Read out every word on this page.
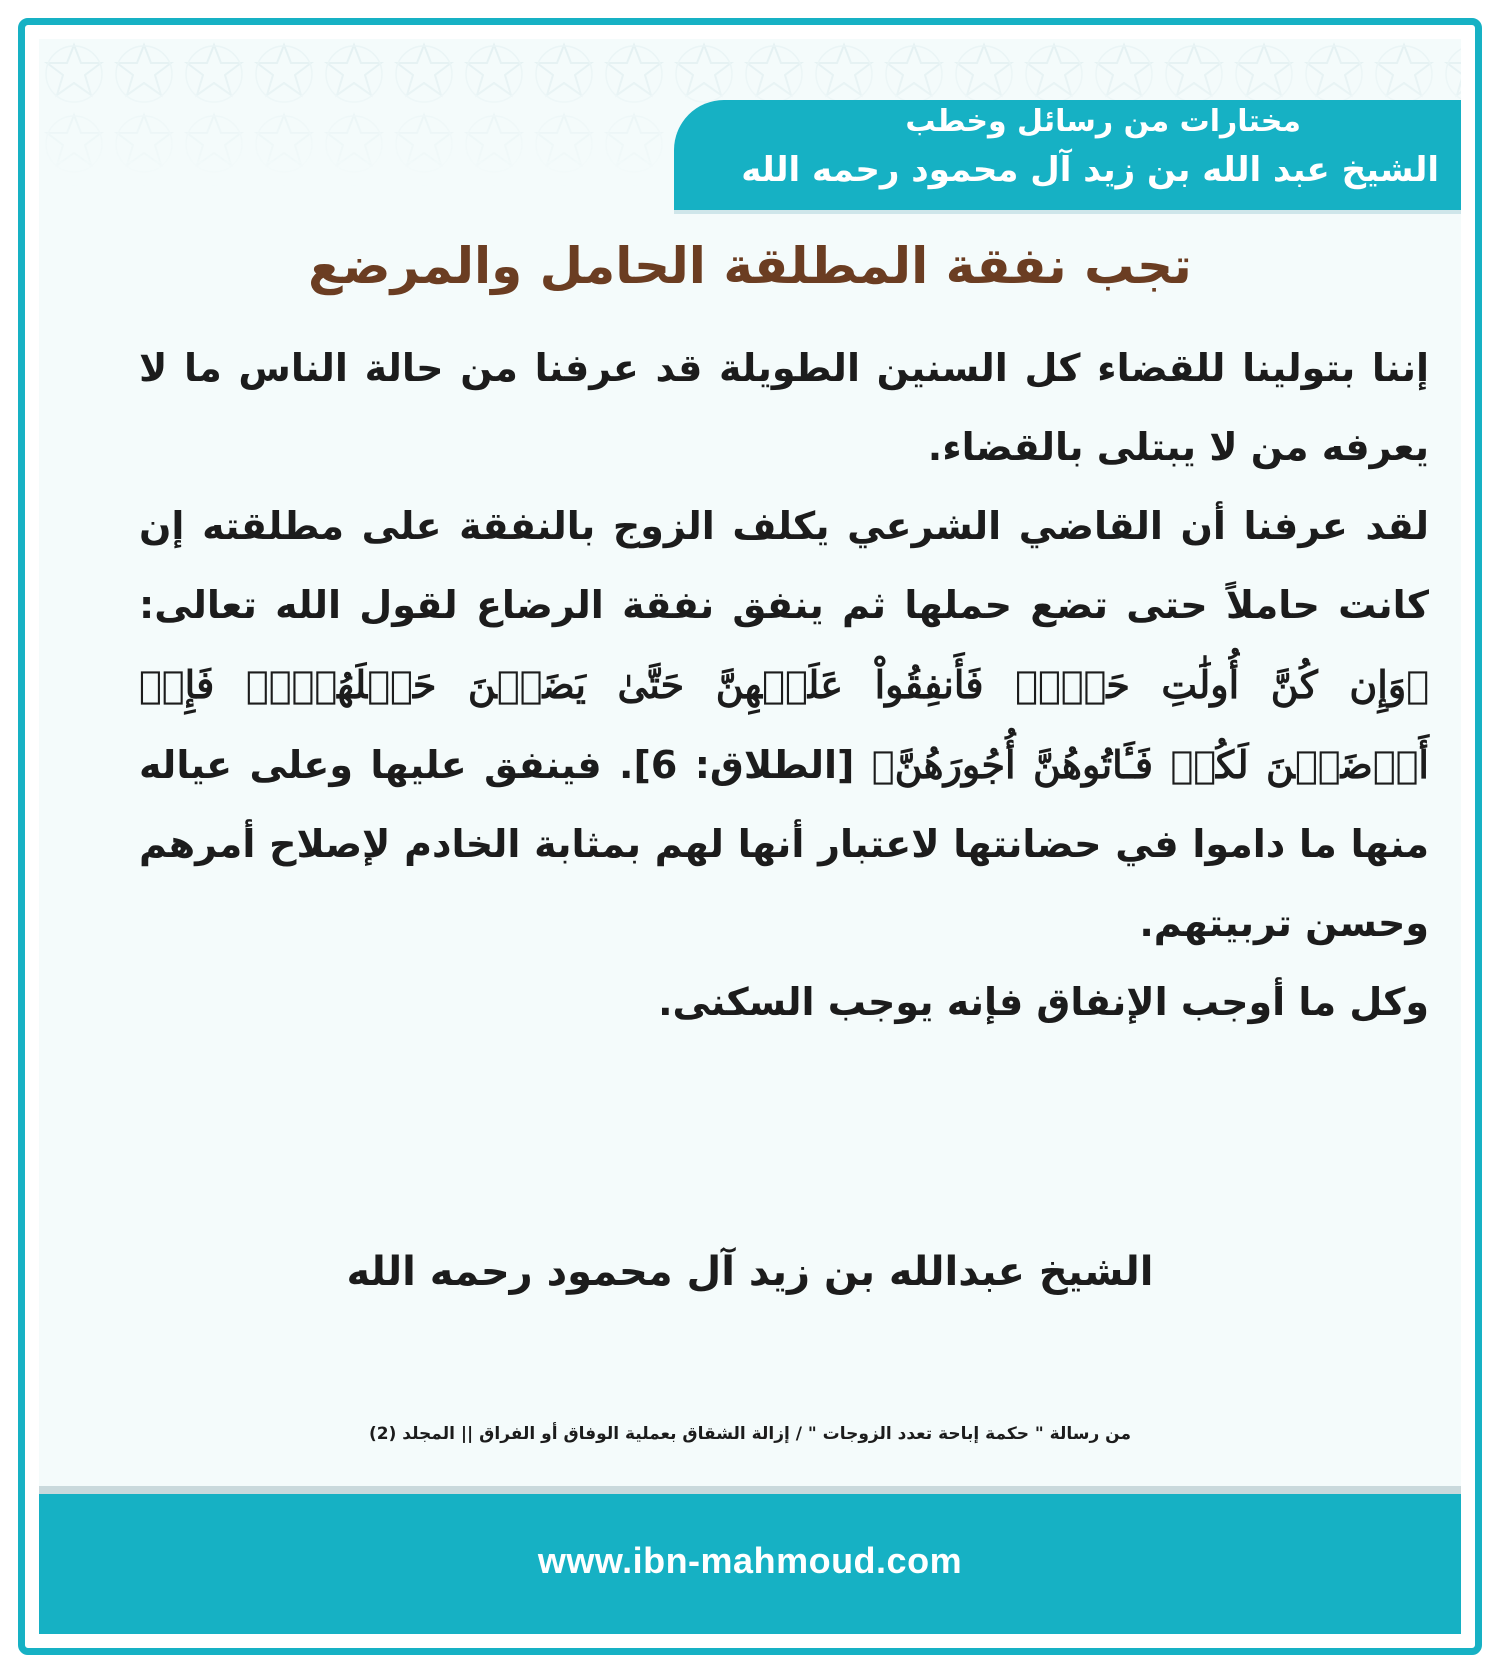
مختارات من رسائل وخطب
الشيخ عبد الله بن زيد آل محمود رحمه الله
تجب نفقة المطلقة الحامل والمرضع

إننا بتولينا للقضاء كل السنين الطويلة قد عرفنا من حالة الناس ما لا يعرفه من لا يبتلى بالقضاء.

لقد عرفنا أن القاضي الشرعي يكلف الزوج بالنفقة على مطلقته إن كانت حاملاً حتى تضع حملها ثم ينفق نفقة الرضاع لقول الله تعالى: ﴿وَإِن كُنَّ أُولَٰتِ حَمۡلٖ فَأَنفِقُواْ عَلَيۡهِنَّ حَتَّىٰ يَضَعۡنَ حَمۡلَهُنَّۚ فَإِنۡ أَرۡضَعۡنَ لَكُمۡ فَـَٔاتُوهُنَّ أُجُورَهُنَّ﴾ [الطلاق: 6]. فينفق عليها وعلى عياله منها ما داموا في حضانتها لاعتبار أنها لهم بمثابة الخادم لإصلاح أمرهم وحسن تربيتهم.

وكل ما أوجب الإنفاق فإنه يوجب السكنى.

الشيخ عبدالله بن زيد آل محمود رحمه الله
من رسالة " حكمة إباحة تعدد الزوجات " / إزالة الشقاق بعملية الوفاق أو الفراق || المجلد (2)
www.ibn-mahmoud.com
